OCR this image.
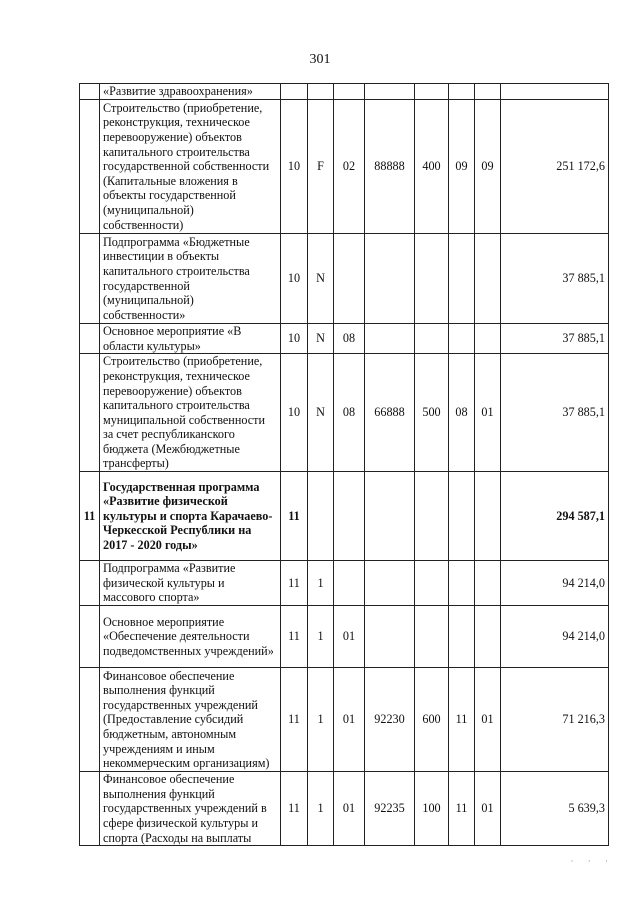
301
	«Развитие здравоохранения»								
	Строительство (приобретение, реконструкция, техническое перевооружение) объектов капитального строительства государственной собственности (Капитальные вложения в объекты государственной (муниципальной) собственности)	10	F	02	88888	400	09	09	251 172,6
	Подпрограмма «Бюджетные инвестиции в объекты капитального строительства государственной (муниципальной) собственности»	10	N						37 885,1
	Основное мероприятие «В области культуры»	10	N	08					37 885,1
	Строительство (приобретение, реконструкция, техническое перевооружение) объектов капитального строительства муниципальной собственности за счет республиканского бюджета (Межбюджетные трансферты)	10	N	08	66888	500	08	01	37 885,1
11	Государственная программа «Развитие физической культуры и спорта Карачаево-Черкесской Республики на 2017 - 2020 годы»	11							294 587,1
	Подпрограмма «Развитие физической культуры и массового спорта»	11	1						94 214,0
	Основное мероприятие «Обеспечение деятельности подведомственных учреждений»	11	1	01					94 214,0
	Финансовое обеспечение выполнения функций государственных учреждений (Предоставление субсидий бюджетным, автономным учреждениям и иным некоммерческим организациям)	11	1	01	92230	600	11	01	71 216,3
	Финансовое обеспечение выполнения функций государственных учреждений в сфере физической культуры и спорта (Расходы на выплаты	11	1	01	92235	100	11	01	5 639,3
· · ·
